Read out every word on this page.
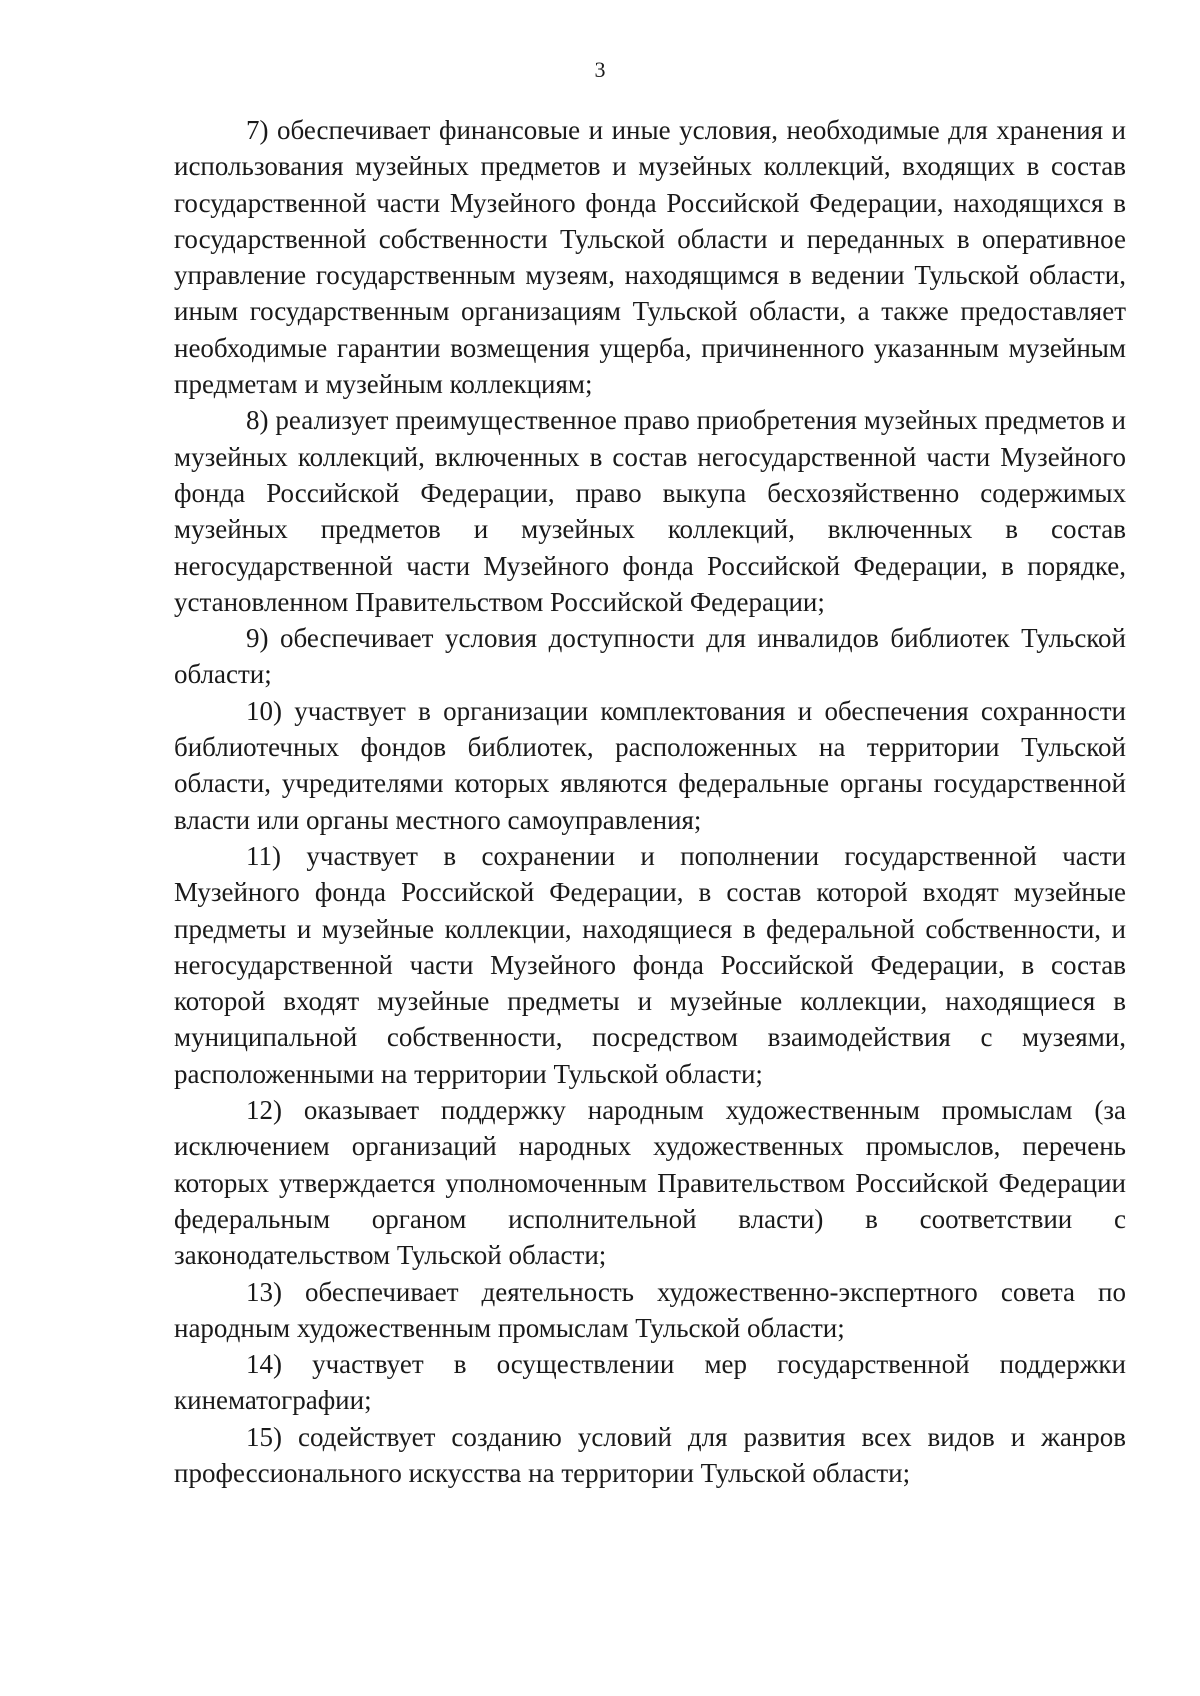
3

7) обеспечивает финансовые и иные условия, необходимые для хранения и использования музейных предметов и музейных коллекций, входящих в состав государственной части Музейного фонда Российской Федерации, находящихся в государственной собственности Тульской области и переданных в оперативное управление государственным музеям, находящимся в ведении Тульской области, иным государственным организациям Тульской области, а также предоставляет необходимые гарантии возмещения ущерба, причиненного указанным музейным предметам и музейным коллекциям;

8) реализует преимущественное право приобретения музейных предметов и музейных коллекций, включенных в состав негосударственной части Музейного фонда Российской Федерации, право выкупа бесхозяйственно содержимых музейных предметов и музейных коллекций, включенных в состав негосударственной части Музейного фонда Российской Федерации, в порядке, установленном Правительством Российской Федерации;

9) обеспечивает условия доступности для инвалидов библиотек Тульской области;

10) участвует в организации комплектования и обеспечения сохранности библиотечных фондов библиотек, расположенных на территории Тульской области, учредителями которых являются федеральные органы государственной власти или органы местного самоуправления;

11) участвует в сохранении и пополнении государственной части Музейного фонда Российской Федерации, в состав которой входят музейные предметы и музейные коллекции, находящиеся в федеральной собственности, и негосударственной части Музейного фонда Российской Федерации, в состав которой входят музейные предметы и музейные коллекции, находящиеся в муниципальной собственности, посредством взаимодействия с музеями, расположенными на территории Тульской области;

12) оказывает поддержку народным художественным промыслам (за исключением организаций народных художественных промыслов, перечень которых утверждается уполномоченным Правительством Российской Федерации федеральным органом исполнительной власти) в соответствии с законодательством Тульской области;

13) обеспечивает деятельность художественно-экспертного совета по народным художественным промыслам Тульской области;

14) участвует в осуществлении мер государственной поддержки кинематографии;

15) содействует созданию условий для развития всех видов и жанров профессионального искусства на территории Тульской области;
